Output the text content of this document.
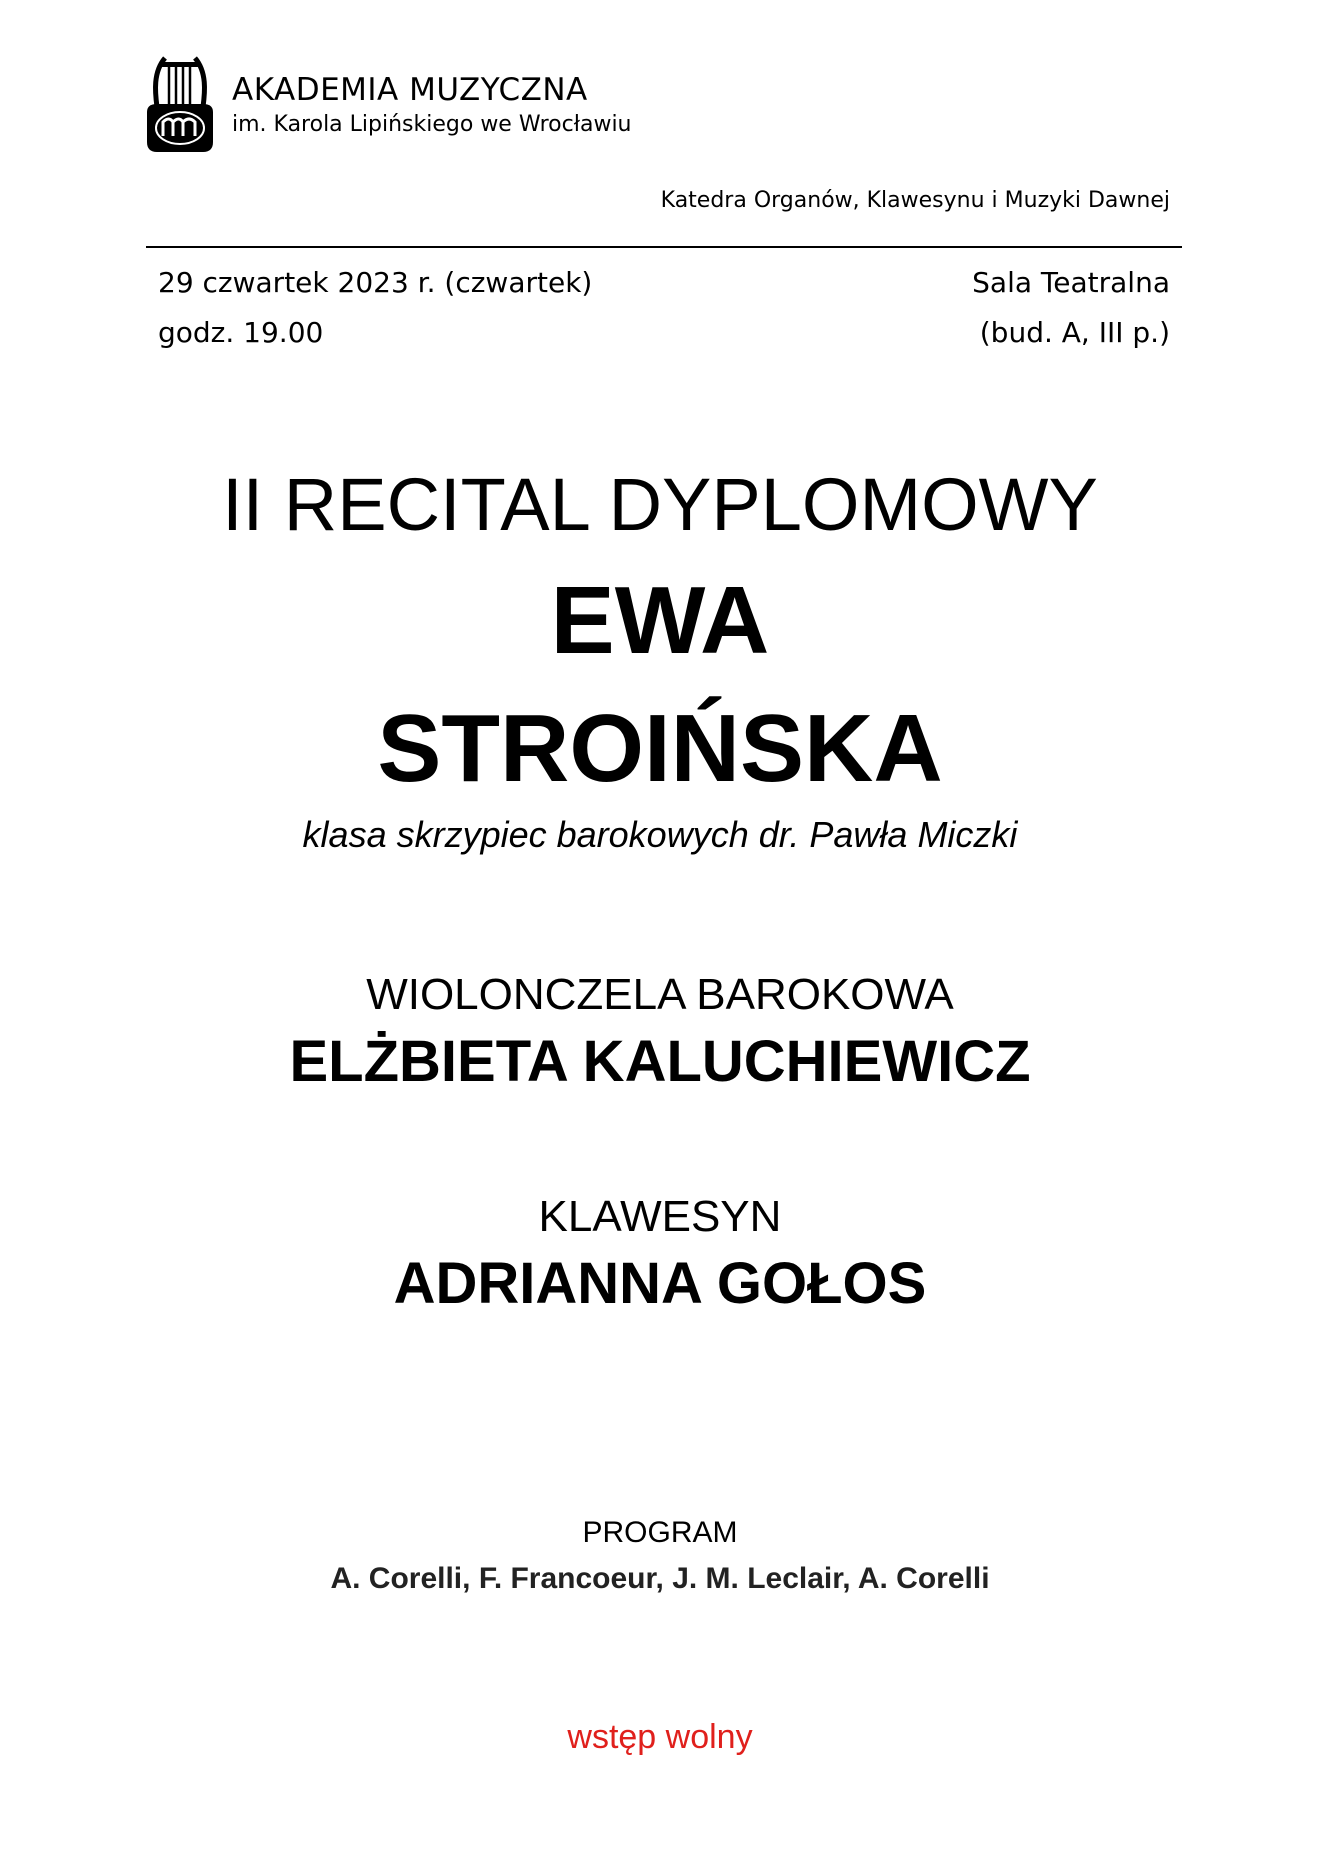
AKADEMIA MUZYCZNA
im. Karola Lipińskiego we Wrocławiu
Katedra Organów, Klawesynu i Muzyki Dawnej
29 czwartek 2023 r. (czwartek)
godz. 19.00
Sala Teatralna
(bud. A, III p.)
II RECITAL DYPLOMOWY
EWA
STROIŃSKA
klasa skrzypiec barokowych dr. Pawła Miczki
WIOLONCZELA BAROKOWA
ELŻBIETA KALUCHIEWICZ
KLAWESYN
ADRIANNA GOŁOS
PROGRAM
A. Corelli, F. Francoeur, J. M. Leclair, A. Corelli
wstęp wolny
